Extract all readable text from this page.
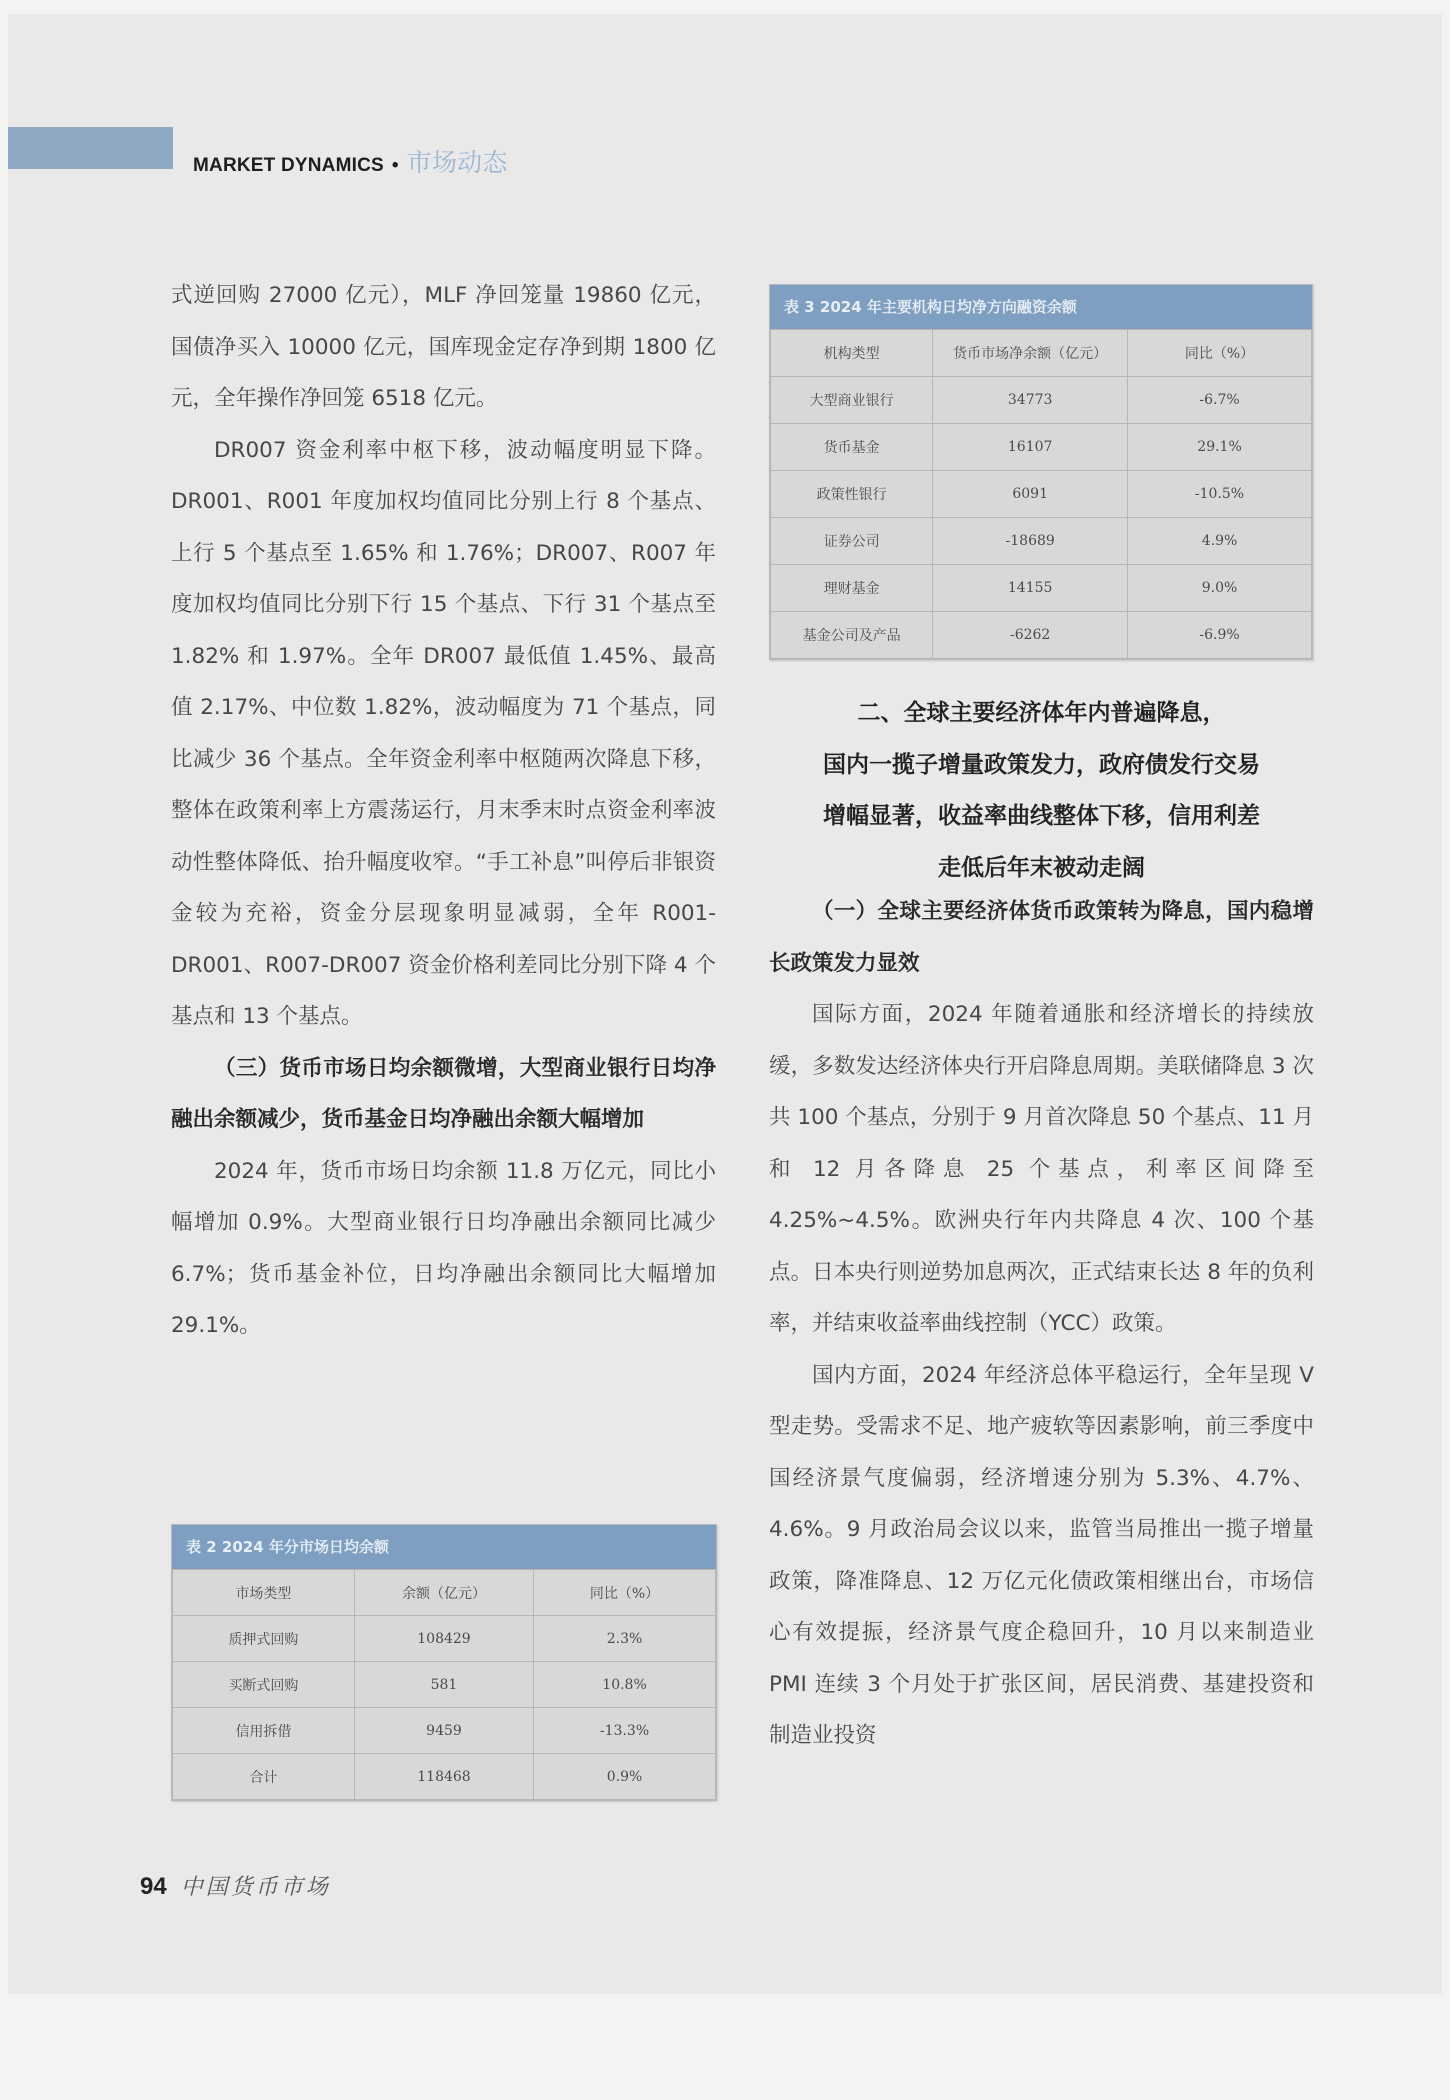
MARKET DYNAMICS • 市场动态

式逆回购 27000 亿元），MLF 净回笼量 19860 亿元，国债净买入 10000 亿元，国库现金定存净到期 1800 亿元，全年操作净回笼 6518 亿元。

DR007 资金利率中枢下移，波动幅度明显下降。DR001、R001 年度加权均值同比分别上行 8 个基点、上行 5 个基点至 1.65% 和 1.76%；DR007、R007 年度加权均值同比分别下行 15 个基点、下行 31 个基点至 1.82% 和 1.97%。全年 DR007 最低值 1.45%、最高值 2.17%、中位数 1.82%，波动幅度为 71 个基点，同比减少 36 个基点。全年资金利率中枢随两次降息下移，整体在政策利率上方震荡运行，月末季末时点资金利率波动性整体降低、抬升幅度收窄。“手工补息”叫停后非银资金较为充裕，资金分层现象明显减弱，全年 R001-DR001、R007-DR007 资金价格利差同比分别下降 4 个基点和 13 个基点。

（三）货币市场日均余额微增，大型商业银行日均净融出余额减少，货币基金日均净融出余额大幅增加

2024 年，货币市场日均余额 11.8 万亿元，同比小幅增加 0.9%。大型商业银行日均净融出余额同比减少 6.7%；货币基金补位，日均净融出余额同比大幅增加 29.1%。

表 3 2024 年主要机构日均净方向融资余额
机构类型	货币市场净余额（亿元）	同比（%）
大型商业银行	34773	-6.7%
货币基金	16107	29.1%
政策性银行	6091	-10.5%
证券公司	-18689	4.9%
理财基金	14155	9.0%
基金公司及产品	-6262	-6.9%
二、全球主要经济体年内普遍降息，
国内一揽子增量政策发力，政府债发行交易
增幅显著，收益率曲线整体下移，信用利差
走低后年末被动走阔

（一）全球主要经济体货币政策转为降息，国内稳增长政策发力显效

国际方面，2024 年随着通胀和经济增长的持续放缓，多数发达经济体央行开启降息周期。美联储降息 3 次共 100 个基点，分别于 9 月首次降息 50 个基点、11 月和 12 月各降息 25 个基点，利率区间降至 4.25%~4.5%。欧洲央行年内共降息 4 次、100 个基点。日本央行则逆势加息两次，正式结束长达 8 年的负利率，并结束收益率曲线控制（YCC）政策。

国内方面，2024 年经济总体平稳运行，全年呈现 V 型走势。受需求不足、地产疲软等因素影响，前三季度中国经济景气度偏弱，经济增速分别为 5.3%、4.7%、4.6%。9 月政治局会议以来，监管当局推出一揽子增量政策，降准降息、12 万亿元化债政策相继出台，市场信心有效提振，经济景气度企稳回升，10 月以来制造业 PMI 连续 3 个月处于扩张区间，居民消费、基建投资和制造业投资

表 2 2024 年分市场日均余额
市场类型	余额（亿元）	同比（%）
质押式回购	108429	2.3%
买断式回购	581	10.8%
信用拆借	9459	-13.3%
合计	118468	0.9%
94 中国货币市场
